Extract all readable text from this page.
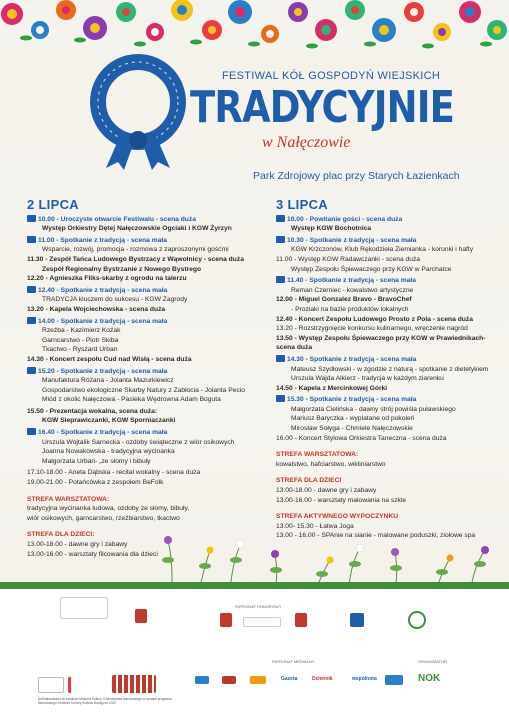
FESTIWAL KÓŁ GOSPODYŃ WIEJSKICH
TRADYCYJNIE
w Nałęczowie
Park Zdrojowy plac przy Starych Łazienkach
2 LIPCA
10.00 - Uroczyste otwarcie Festiwalu - scena duża
Występ Orkiestry Dętej Nałęczowskie Ogciaki i KGW Żyrzyn
11.00 - Spotkanie z tradycją - scena mała
Wsparcie, rozwój, promocja - rozmowa z zaproszonymi gośćmi
11.30 - Zespół Tańca Ludowego Bystrzacy z Wąwolnicy - scena duża
Zespół Regionalny Bystrzanie z Nowego Bystrego
12.20 - Agnieszka Fliks-skarby z ogrodu na talerzu
12.40 - Spotkanie z tradycją - scena mała
TRADYCJA kluczem do sukcesu - KGW Zagrody
13.20 - Kapela Wojciechowska - scena duża
14.00 - Spotkanie z tradycją - scena mała
Rzeźba - Kazimierz Kozak
Garncarstwo - Piotr Skiba
Tkactwo - Ryszard Urban
14.30 - Koncert zespołu Cud nad Wisłą - scena duża
15.20 - Spotkanie z tradycją - scena mała
Manufaktura Różana - Jolanta Mazurkiewicz
Gospodarstwo ekologiczne Skarby Natury z Zabłocia - Jolanta Pecio
Miód z okolic Nałęczowa - Pasieka Wędrowna Adam Boguta
15.50 - Prezentacja wokalna, scena duża:
KGW Sieprawiczanki, KGW Sporniaczanki
16.40 - Spotkanie z tradycją - scena mała
Urszula Wojtalik Sarnecka - ozdoby świąteczne z wiór osikowych
Joanna Nowakowska - tradycyjna wycinanka
Małgorzata Urban- „ze słomy i bibuły
17.10-18.00 - Aneta Dąbska - recital wokalny - scena duża
19.00-21.00 - Potańcówka z zespołem BeFolk
STREFA WARSZTATOWA:
tradycyjna wycinanka ludowa, ozdoby ze słomy, bibuły,
wiór osikowych, garncarstwo, rzeźbiarstwo, tkactwo
STREFA DLA DZIECI:
13.00-18.00 - dawne gry i zabawy
13.00-16.00 - warsztaty filcowania dla dzieci
3 LIPCA
10.00 - Powitanie gości - scena duża
Występ KGW Bochotnica
10.30 - Spotkanie z tradycją - scena mała
KGW Krzczonów, Klub Rękodzieła Ziemianka - koronki i hafty
11.00 - Występ KGW Radawczanki - scena duża
Występ Zespołu Śpiewaczego przy KGW w Parchatce
11.40 - Spotkanie z tradycją - scena mała
Reman Czerniec - kowalstwo artystyczne
12.00 - Miguel Gonzalez Bravo - BravoChef
- Proziaki na bazie produktów lokalnych
12.40 - Koncert Zespołu Ludowego Prosto z Pola - scena duża
13.20 - Rozstrzygnięcie konkursu kulinarnego, wręczenie nagród
13.50 - Występ Zespołu Śpiewaczego przy KGW w Prawiednikach-scena duża
14.30 - Spotkanie z tradycją - scena mała
Mateusz Szydłowski - w zgodzie z naturą - spotkanie z dietetykiem
Urszula Wajda Alkierz - tradycja w każdym ziarenku
14.50 - Kapela z Mercinkowej Górki
15.30 - Spotkanie z tradycją - scena mała
Małgorzata Cielińska - dawny strój powiśla puławskiego
Mariusz Baryczka - wyplatane od pokoleń
Mirosław Sołyga - Chmiele Nałęczowskie
16.00 - Koncert Stylowa Orkiestra Taneczna - scena duża
STREFA WARSZTATOWA:
kowalstwo, hafciarstwo, wikliniarstwo
STREFA DLA DZIECI
13.00-18.00 - dawne gry i zabawy
13.00-16.00 - warsztaty malowania na szkle
STREFA AKTYWNEGO WYPOCZYNKU
13.00- 15.30 - Łatwa Joga
13.00 - 16.00 - SPAnie na sianie - malowane poduszki, ziołowe spa
PATRONAT HONOROWY
PATRONAT MEDIALNY
Gazeta	Dziennik	wspólnota
ORGANIZATOR
NOK
Dofinansowano ze środków Ministra Kultury i Dziedzictwa Narodowego w ramach programu Narodowego Centrum Kultury Kultura Dostępna 2022
